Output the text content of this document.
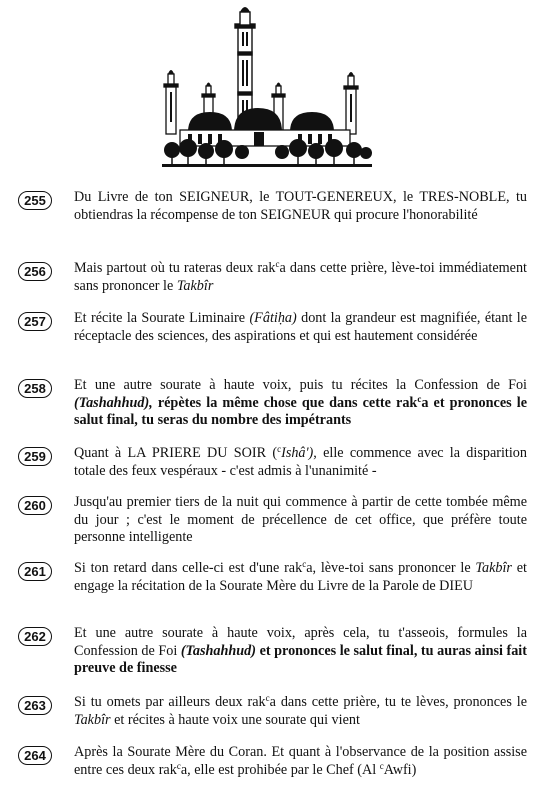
255	Du Livre de ton SEIGNEUR, le TOUT-GENEREUX, le TRES-NOBLE, tu obtiendras la récompense de ton SEIGNEUR qui procure l'honorabilité
256	Mais partout où tu rateras deux rak$^c$a dans cette prière, lève-toi immédiatement sans prononcer le Takbîr
257	Et récite la Sourate Liminaire (Fâtiḥa) dont la grandeur est magnifiée, étant le réceptacle des sciences, des aspirations et qui est hautement considérée
258	Et une autre sourate à haute voix, puis tu récites la Confession de Foi (Tashahhud), répètes la même chose que dans cette rak$^c$a et prononces le salut final, tu seras du nombre des impétrants
259	Quant à LA PRIERE DU SOIR ($^c$Ishâ'), elle commence avec la disparition totale des feux vespéraux - c'est admis à l'unanimité -
260	Jusqu'au premier tiers de la nuit qui commence à partir de cette tombée même du jour ; c'est le moment de précellence de cet office, que préfère toute personne intelligente
261	Si ton retard dans celle-ci est d'une rak$^c$a, lève-toi sans prononcer le Takbîr et engage la récitation de la Sourate Mère du Livre de la Parole de DIEU
262	Et une autre sourate à haute voix, après cela, tu t'asseois, formules la Confession de Foi (Tashahhud) et prononces le salut final, tu auras ainsi fait preuve de finesse
263	Si tu omets par ailleurs deux rak$^c$a dans cette prière, tu te lèves, prononces le Takbîr et récites à haute voix une sourate qui vient
264	Après la Sourate Mère du Coran. Et quant à l'observance de la position assise entre ces deux rak$^c$a, elle est prohibée par le Chef (Al $^c$Awfi)
